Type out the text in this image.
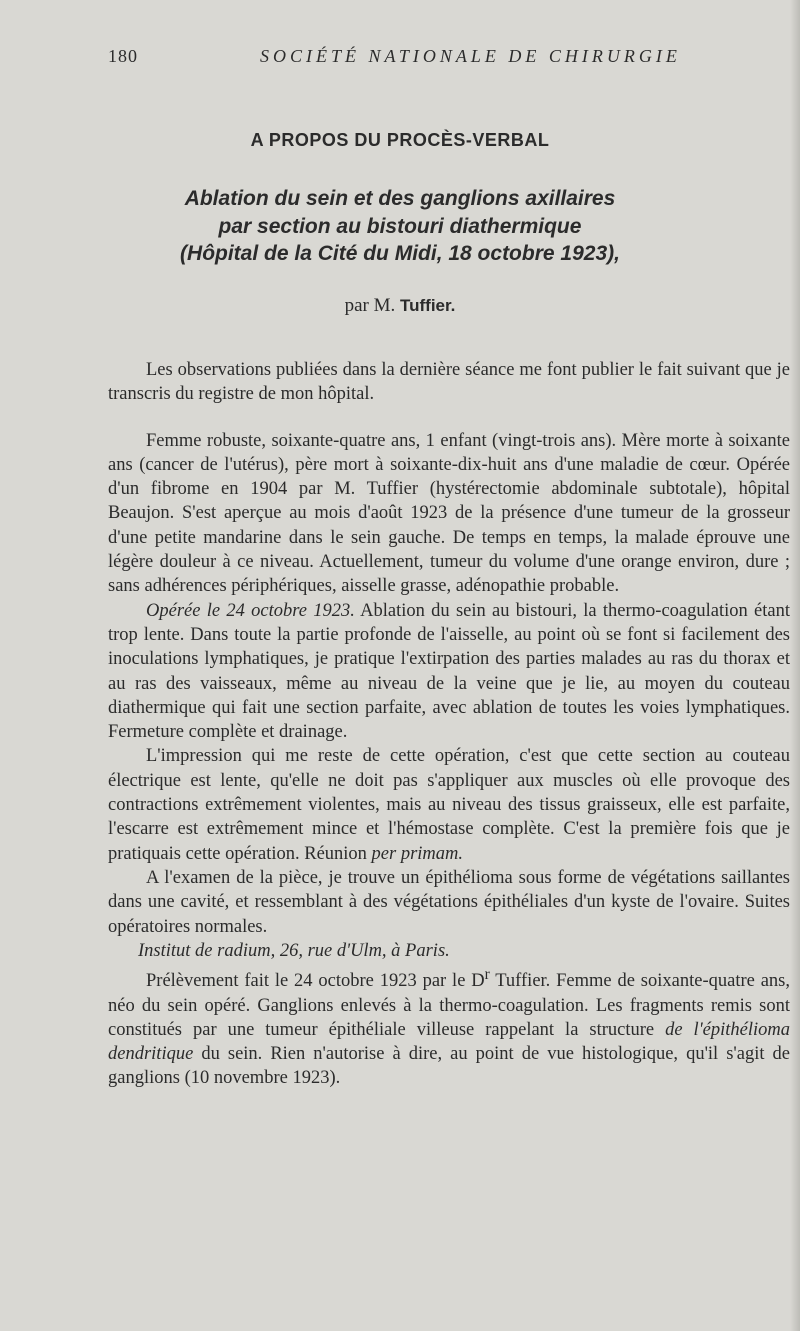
180	SOCIÉTÉ NATIONALE DE CHIRURGIE
A PROPOS DU PROCÈS-VERBAL
Ablation du sein et des ganglions axillaires
par section au bistouri diathermique
(Hôpital de la Cité du Midi, 18 octobre 1923),
par M. Tuffier.

Les observations publiées dans la dernière séance me font publier le fait suivant que je transcris du registre de mon hôpital.

Femme robuste, soixante-quatre ans, 1 enfant (vingt-trois ans). Mère morte à soixante ans (cancer de l'utérus), père mort à soixante-dix-huit ans d'une maladie de cœur. Opérée d'un fibrome en 1904 par M. Tuffier (hystérectomie abdominale subtotale), hôpital Beaujon. S'est aperçue au mois d'août 1923 de la présence d'une tumeur de la grosseur d'une petite mandarine dans le sein gauche. De temps en temps, la malade éprouve une légère douleur à ce niveau. Actuellement, tumeur du volume d'une orange environ, dure ; sans adhérences périphériques, aisselle grasse, adénopathie probable.

Opérée le 24 octobre 1923. Ablation du sein au bistouri, la thermo-coagulation étant trop lente. Dans toute la partie profonde de l'aisselle, au point où se font si facilement des inoculations lymphatiques, je pratique l'extirpation des parties malades au ras du thorax et au ras des vaisseaux, même au niveau de la veine que je lie, au moyen du couteau diathermique qui fait une section parfaite, avec ablation de toutes les voies lymphatiques. Fermeture complète et drainage.

L'impression qui me reste de cette opération, c'est que cette section au couteau électrique est lente, qu'elle ne doit pas s'appliquer aux muscles où elle provoque des contractions extrêmement violentes, mais au niveau des tissus graisseux, elle est parfaite, l'escarre est extrêmement mince et l'hémostase complète. C'est la première fois que je pratiquais cette opération. Réunion per primam.

A l'examen de la pièce, je trouve un épithélioma sous forme de végétations saillantes dans une cavité, et ressemblant à des végétations épithéliales d'un kyste de l'ovaire. Suites opératoires normales.

Institut de radium, 26, rue d'Ulm, à Paris.

Prélèvement fait le 24 octobre 1923 par le $D^r$ Tuffier. Femme de soixante-quatre ans, néo du sein opéré. Ganglions enlevés à la thermo-coagulation. Les fragments remis sont constitués par une tumeur épithéliale villeuse rappelant la structure de l'épithélioma dendritique du sein. Rien n'autorise à dire, au point de vue histologique, qu'il s'agit de ganglions (10 novembre 1923).
